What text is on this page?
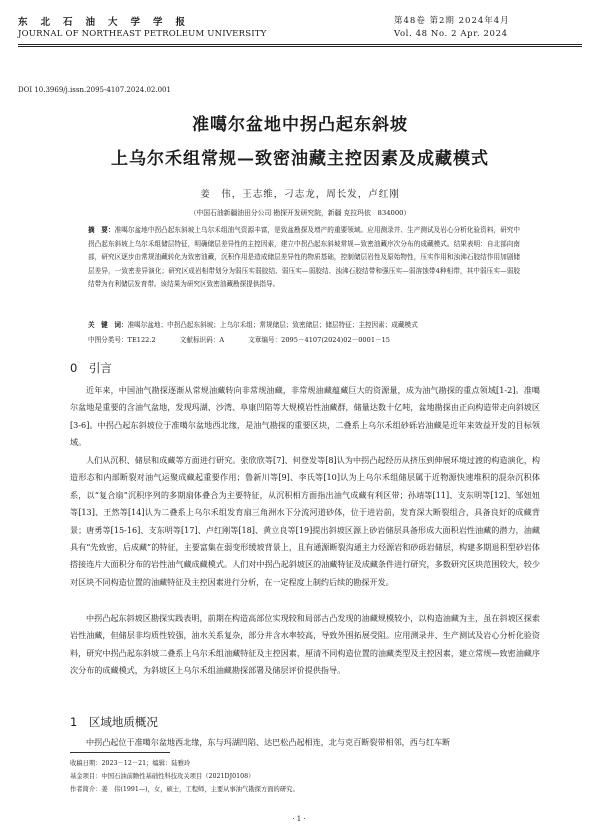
东北石油大学学报
JOURNAL OF NORTHEAST PETROLEUM UNIVERSITY
第48卷 第2期 2024年4月
Vol. 48 No. 2 Apr. 2024
DOI 10.3969/j.issn.2095-4107.2024.02.001
准噶尔盆地中拐凸起东斜坡
上乌尔禾组常规—致密油藏主控因素及成藏模式
姜　伟，王志维，刁志龙，周长发，卢红刚
（中国石油新疆油田分公司 勘探开发研究院，新疆 克拉玛依　834000）
摘　要：准噶尔盆地中拐凸起东斜坡上乌尔禾组油气资源丰富，是致盆勘探及增产的重要领域。应用测录井、生产测试及岩心分析化验资料，研究中拐凸起东斜坡上乌尔禾组储层特征，明确储层差异性的主控因素，建立中拐凸起东斜坡常规—致密油藏序次分布的成藏模式。结果表明：自北部向南部，研究区逐步由常规油藏转化为致密油藏，沉积作用是造成储层差异性的物质基础，控制储层岩性及原始物性，压实作用和浊沸石胶结作用加剧储层差异，一致密差异演化；研究区成岩相带划分为弱压实弱胶结、弱压实—弱胶结、浊沸石胶结带和强压实—弱溶蚀带4种相带，其中弱压实—弱胶结带为有利储层发育带。该结果为研究区致密油藏勘探提供指导。
关　键　词：准噶尔盆地；中拐凸起东斜坡；上乌尔禾组；常规储层；致密储层；储层特征；主控因素；成藏模式
中图分类号：TE122.2	文献标识码：A	文章编号：2095－4107(2024)02－0001－15
0　引言
近年来，中国油气勘探逐渐从常规油藏转向非常规油藏，非常规油藏蕴藏巨大的资源量，成为油气勘探的重点领域[1-2]。准噶尔盆地是重要的含油气盆地，发现玛湖、沙湾、阜康凹陷等大规模岩性油藏群，储量达数十亿吨，盆地勘探由正向构造带走向斜坡区[3-6]。中拐凸起东斜坡位于准噶尔盆地西北缘，是油气勘探的重要区块，二叠系上乌尔禾组砂砾岩油藏是近年来效益开发的目标领域。
人们从沉积、储层和成藏等方面进行研究。张欣欣等[7]、何登发等[8]认为中拐凸起经历从挤压到伸展环境过渡的构造演化，构造形态和内部断裂对油气运聚成藏起重要作用；鲁新川等[9]、李氏等[10]认为上乌尔禾组储层属于近物源快速堆积的混杂沉积体系，以“复合扇”沉积序列的多期扇体叠合为主要特征，从沉积相方面指出油气成藏有利区带；孙靖等[11]、支东明等[12]、邹妞妞等[13]、王然等[14]认为二叠系上乌尔禾组发育扇三角洲水下分流河道砂体，位于进岩前，发育深大断裂组合，具备良好的成藏背景；唐勇等[15-16]、支东明等[17]、卢红刚等[18]、黄立良等[19]提出斜坡区源上砂岩储层具备形成大面积岩性油藏的潜力，油藏具有“先致密，后成藏”的特征，主要富集在弱变形缓坡背景上，且有通源断裂沟通主力烃源岩和砂砾岩储层，构建多期退积型砂岩体搭接连片大面积分布的岩性油气藏成藏模式。人们对中拐凸起斜坡区的油藏特征及成藏条件进行研究，多数研究区块范围较大，较少对区块不同构造位置的油藏特征及主控因素进行分析，在一定程度上制约后续的勘探开发。
中拐凸起东斜坡区勘探实践表明，前期在构造高部位实现较和局部古凸发现的油藏规模较小，以构造油藏为主，虽在斜坡区探索岩性油藏，但储层非均质性较强，油水关系复杂，部分井含水率较高，导致外围拓展受阻。应用测录井、生产测试及岩心分析化验资料，研究中拐凸起东斜坡二叠系上乌尔禾组油藏特征及主控因素，厘清不同构造位置的油藏类型及主控因素，建立常规—致密油藏序次分布的成藏模式，为斜坡区上乌尔禾组油藏勘探部署及储层评价提供指导。
1　区域地质概况
中拐凸起位于准噶尔盆地西北缘，东与玛湖凹陷、达巴松凸起相连，北与克百断裂带相邻，西与红车断
收稿日期：2023－12－21；编辑：陆雅玲
基金项目：中国石油前瞻性基础性科技攻关项目（2021DJ0108）
作者简介：姜　伟(1991—)，女，硕士，工程师，主要从事油气勘探方面的研究。
·1·
